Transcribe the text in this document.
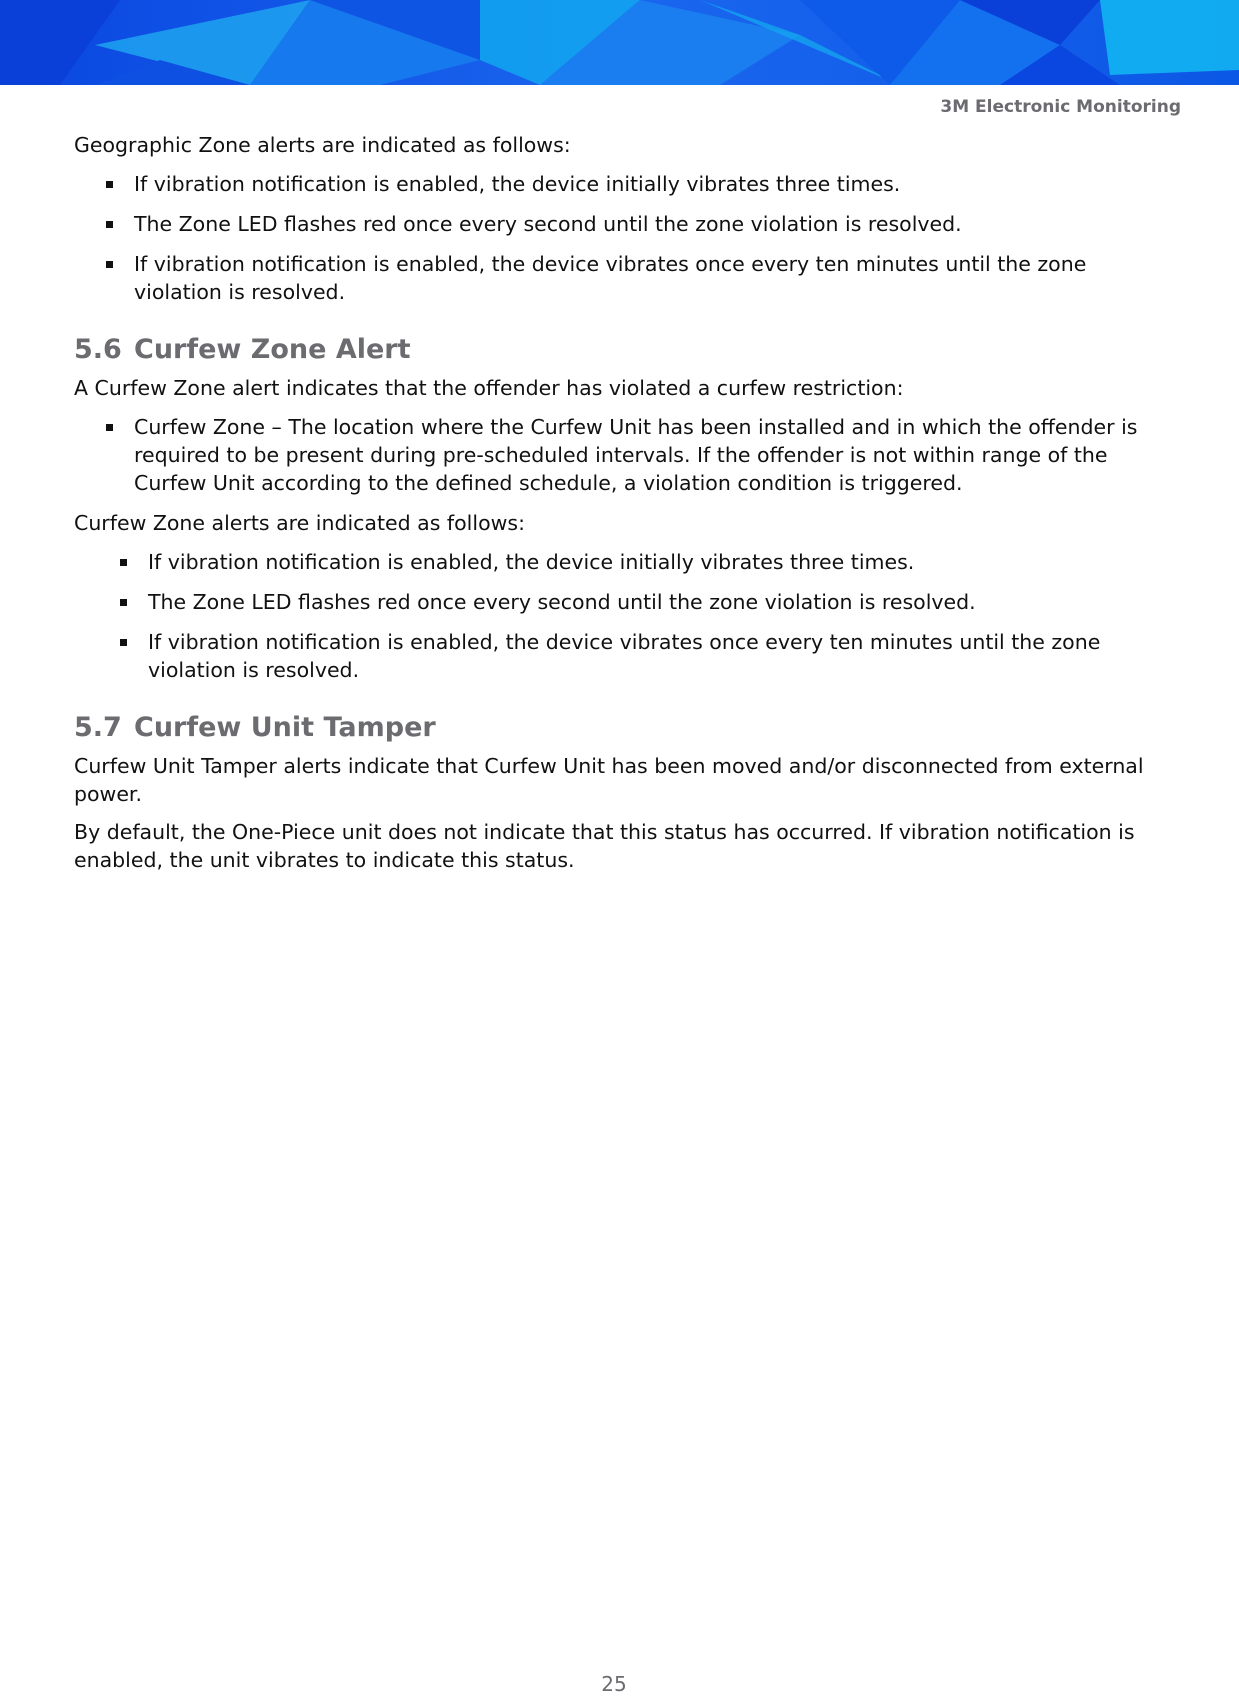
3M Electronic Monitoring

Geographic Zone alerts are indicated as follows:

If vibration notification is enabled, the device initially vibrates three times.
The Zone LED flashes red once every second until the zone violation is resolved.
If vibration notification is enabled, the device vibrates once every ten minutes until the zone violation is resolved.
5.6 Curfew Zone Alert

A Curfew Zone alert indicates that the offender has violated a curfew restriction:

Curfew Zone – The location where the Curfew Unit has been installed and in which the offender is required to be present during pre-scheduled intervals. If the offender is not within range of the Curfew Unit according to the defined schedule, a violation condition is triggered.

Curfew Zone alerts are indicated as follows:

If vibration notification is enabled, the device initially vibrates three times.
The Zone LED flashes red once every second until the zone violation is resolved.
If vibration notification is enabled, the device vibrates once every ten minutes until the zone violation is resolved.
5.7 Curfew Unit Tamper

Curfew Unit Tamper alerts indicate that Curfew Unit has been moved and/or disconnected from external power.

By default, the One-Piece unit does not indicate that this status has occurred. If vibration notification is enabled, the unit vibrates to indicate this status.

25
